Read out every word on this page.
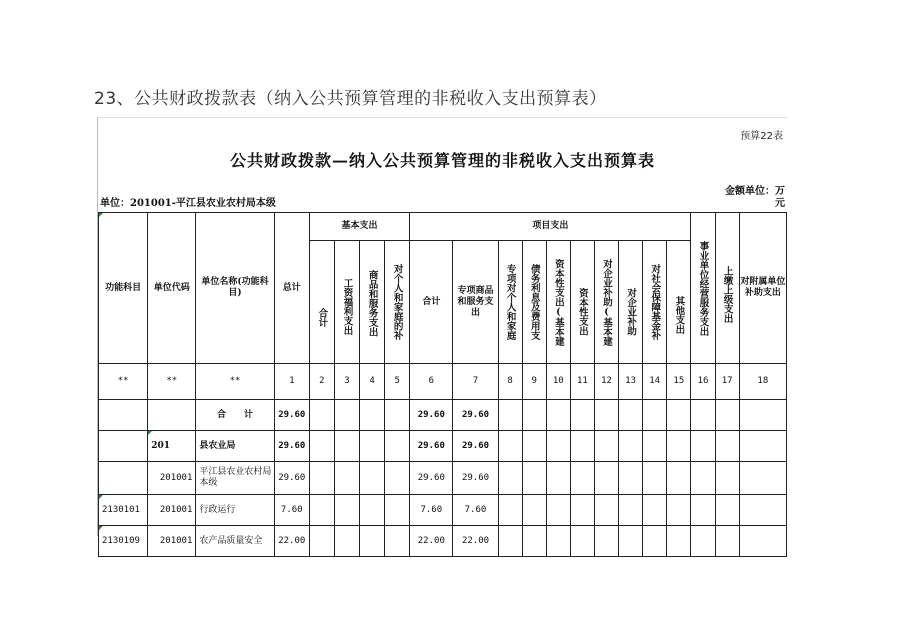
23、公共财政拨款表（纳入公共预算管理的非税收入支出预算表）
预算22表
公共财政拨款—纳入公共预算管理的非税收入支出预算表
单位：201001-平江县农业农村局本级
金额单位：万元
功能科目	单位代码	单位名称(功能科目)	总计	基本支出				项目支出										事业单位经营服务支出	上缴上级支出	对附属单位补助支出

				合计	工资福利支出	商品和服务支出	对个人和家庭的补	合计	专项商品和服务支出	专项对个人和家庭	债务利息及费用支	资本性支出(基本建	资本性支出	对企业补助(基本建	对企业补助	对社会保障基金补	其他支出			

**	**	**	1	2	3	4	5	6	7	8	9	10	11	12	13	14	15	16	17	18
		合　　计	29.60					29.60	29.60											
	201	县农业局	29.60					29.60	29.60											
	201001	平江县农业农村局本级	29.60					29.60	29.60											
2130101	201001	行政运行	7.60					7.60	7.60											
2130109	201001	农产品质量安全	22.00					22.00	22.00											
